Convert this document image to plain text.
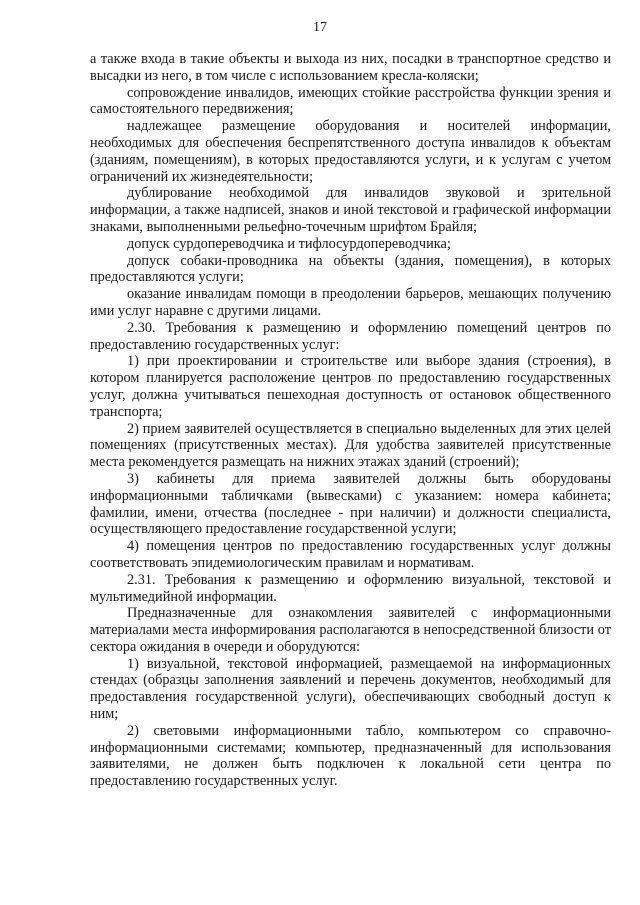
17

а также входа в такие объекты и выхода из них, посадки в транспортное средство и высадки из него, в том числе с использованием кресла-коляски;

сопровождение инвалидов, имеющих стойкие расстройства функции зрения и самостоятельного передвижения;

надлежащее размещение оборудования и носителей информации, необходимых для обеспечения беспрепятственного доступа инвалидов к объектам (зданиям, помещениям), в которых предоставляются услуги, и к услугам с учетом ограничений их жизнедеятельности;

дублирование необходимой для инвалидов звуковой и зрительной информации, а также надписей, знаков и иной текстовой и графической информации знаками, выполненными рельефно-точечным шрифтом Брайля;

допуск сурдопереводчика и тифлосурдопереводчика;

допуск собаки-проводника на объекты (здания, помещения), в которых предоставляются услуги;

оказание инвалидам помощи в преодолении барьеров, мешающих получению ими услуг наравне с другими лицами.

2.30. Требования к размещению и оформлению помещений центров по предоставлению государственных услуг:

1) при проектировании и строительстве или выборе здания (строения), в котором планируется расположение центров по предоставлению государственных услуг, должна учитываться пешеходная доступность от остановок общественного транспорта;

2) прием заявителей осуществляется в специально выделенных для этих целей помещениях (присутственных местах). Для удобства заявителей присутственные места рекомендуется размещать на нижних этажах зданий (строений);

3) кабинеты для приема заявителей должны быть оборудованы информационными табличками (вывесками) с указанием: номера кабинета; фамилии, имени, отчества (последнее - при наличии) и должности специалиста, осуществляющего предоставление государственной услуги;

4) помещения центров по предоставлению государственных услуг должны соответствовать эпидемиологическим правилам и нормативам.

2.31. Требования к размещению и оформлению визуальной, текстовой и мультимедийной информации.

Предназначенные для ознакомления заявителей с информационными материалами места информирования располагаются в непосредственной близости от сектора ожидания в очереди и оборудуются:

1) визуальной, текстовой информацией, размещаемой на информационных стендах (образцы заполнения заявлений и перечень документов, необходимый для предоставления государственной услуги), обеспечивающих свободный доступ к ним;

2) световыми информационными табло, компьютером со справочно-информационными системами; компьютер, предназначенный для использования заявителями, не должен быть подключен к локальной сети центра по предоставлению государственных услуг.
